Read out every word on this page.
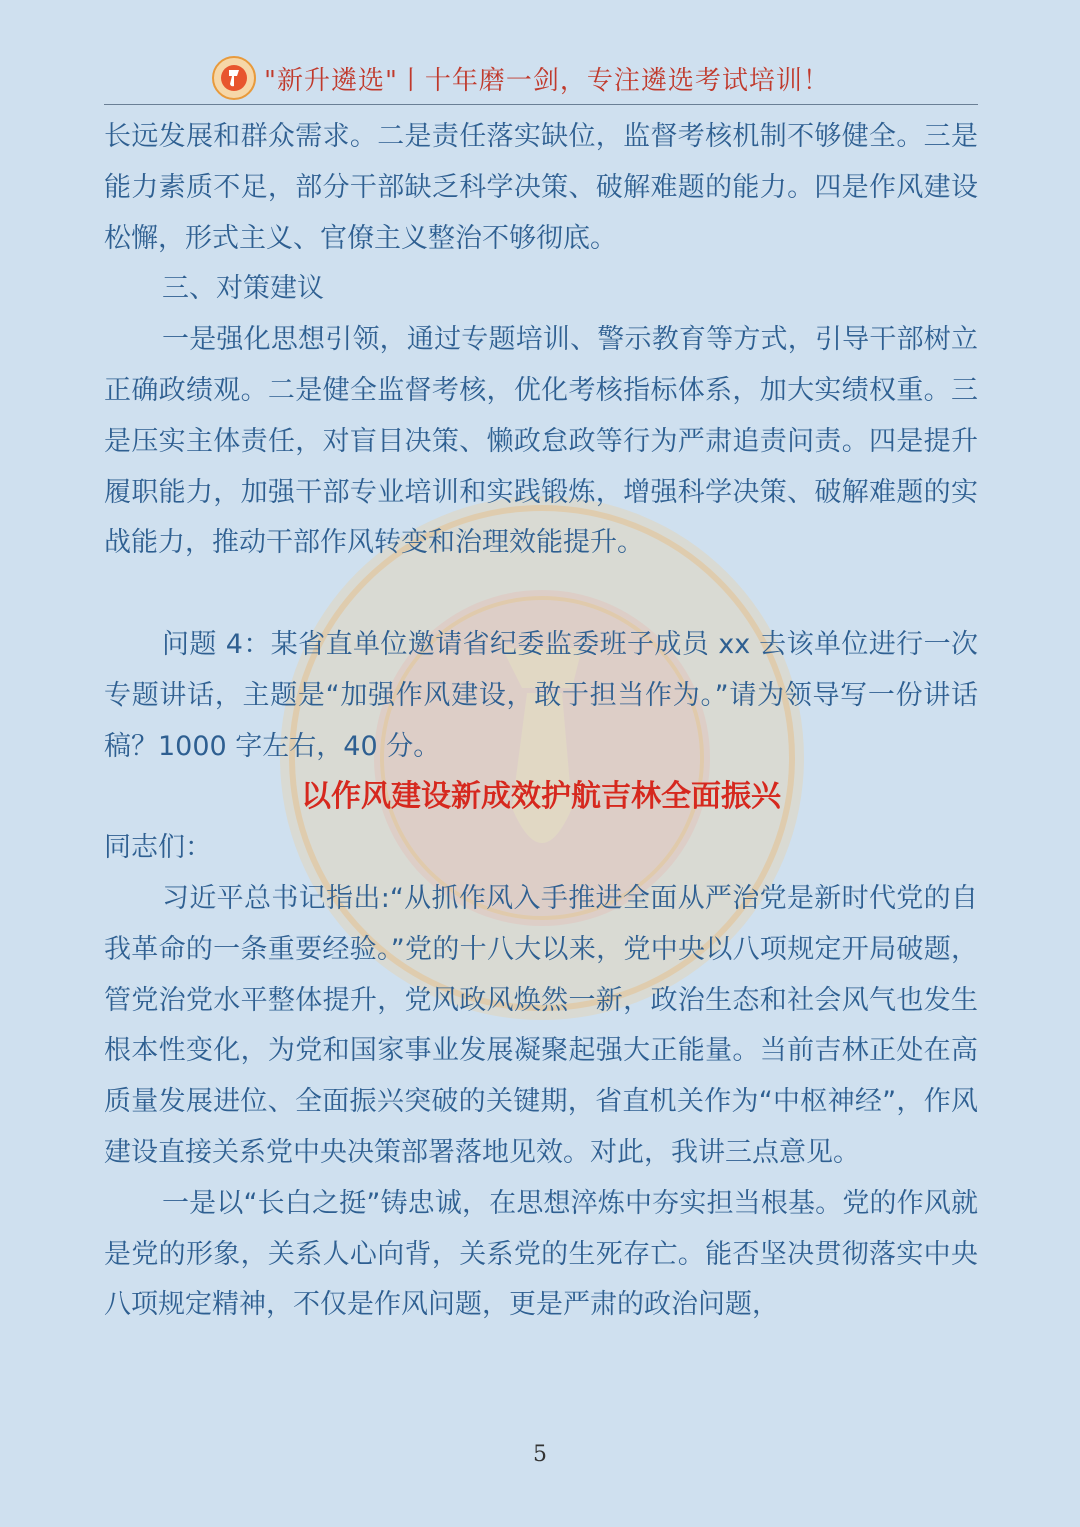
"新升遴选"丨十年磨一剑，专注遴选考试培训！

长远发展和群众需求。二是责任落实缺位，监督考核机制不够健全。三是能力素质不足，部分干部缺乏科学决策、破解难题的能力。四是作风建设松懈，形式主义、官僚主义整治不够彻底。

三、对策建议

一是强化思想引领，通过专题培训、警示教育等方式，引导干部树立正确政绩观。二是健全监督考核，优化考核指标体系，加大实绩权重。三是压实主体责任，对盲目决策、懒政怠政等行为严肃追责问责。四是提升履职能力，加强干部专业培训和实践锻炼，增强科学决策、破解难题的实战能力，推动干部作风转变和治理效能提升。

问题 4：某省直单位邀请省纪委监委班子成员 xx 去该单位进行一次专题讲话，主题是“加强作风建设，敢于担当作为。”请为领导写一份讲话稿？1000 字左右，40 分。

以作风建设新成效护航吉林全面振兴

同志们：

习近平总书记指出:“从抓作风入手推进全面从严治党是新时代党的自我革命的一条重要经验。”党的十八大以来，党中央以八项规定开局破题，管党治党水平整体提升，党风政风焕然一新，政治生态和社会风气也发生根本性变化，为党和国家事业发展凝聚起强大正能量。当前吉林正处在高质量发展进位、全面振兴突破的关键期，省直机关作为“中枢神经”，作风建设直接关系党中央决策部署落地见效。对此，我讲三点意见。

一是以“长白之挺”铸忠诚，在思想淬炼中夯实担当根基。党的作风就是党的形象，关系人心向背，关系党的生死存亡。能否坚决贯彻落实中央八项规定精神，不仅是作风问题，更是严肃的政治问题，

5
